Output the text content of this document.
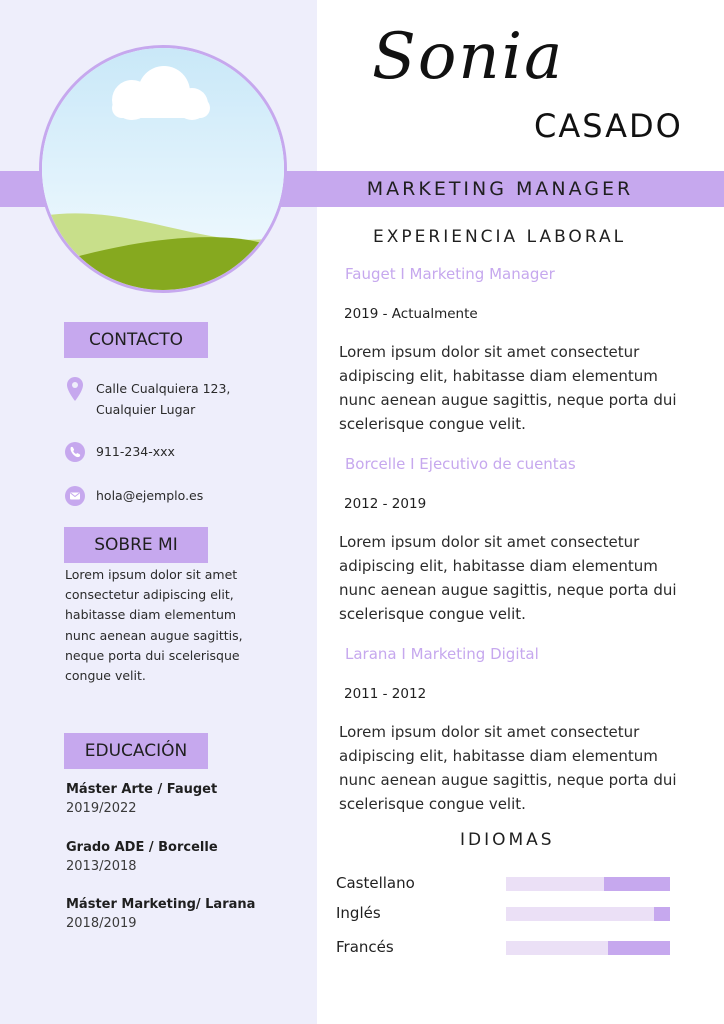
MARKETING MANAGER
Sonia
CASADO
CONTACTO
Calle Cualquiera 123,
Cualquier Lugar
911-234-xxx
hola@ejemplo.es
SOBRE MI
Lorem ipsum dolor sit amet consectetur adipiscing elit, habitasse diam elementum nunc aenean augue sagittis, neque porta dui scelerisque congue velit.
EDUCACIÓN
Máster Arte / Fauget
2019/2022
Grado ADE / Borcelle
2013/2018
Máster Marketing/ Larana
2018/2019
EXPERIENCIA LABORAL
Fauget I Marketing Manager
2019 - Actualmente
Lorem ipsum dolor sit amet consectetur adipiscing elit, habitasse diam elementum nunc aenean augue sagittis, neque porta dui scelerisque congue velit.
Borcelle I Ejecutivo de cuentas
2012 - 2019
Lorem ipsum dolor sit amet consectetur adipiscing elit, habitasse diam elementum nunc aenean augue sagittis, neque porta dui scelerisque congue velit.
Larana I Marketing Digital
2011 - 2012
Lorem ipsum dolor sit amet consectetur adipiscing elit, habitasse diam elementum nunc aenean augue sagittis, neque porta dui scelerisque congue velit.
IDIOMAS
Castellano
Inglés
Francés
